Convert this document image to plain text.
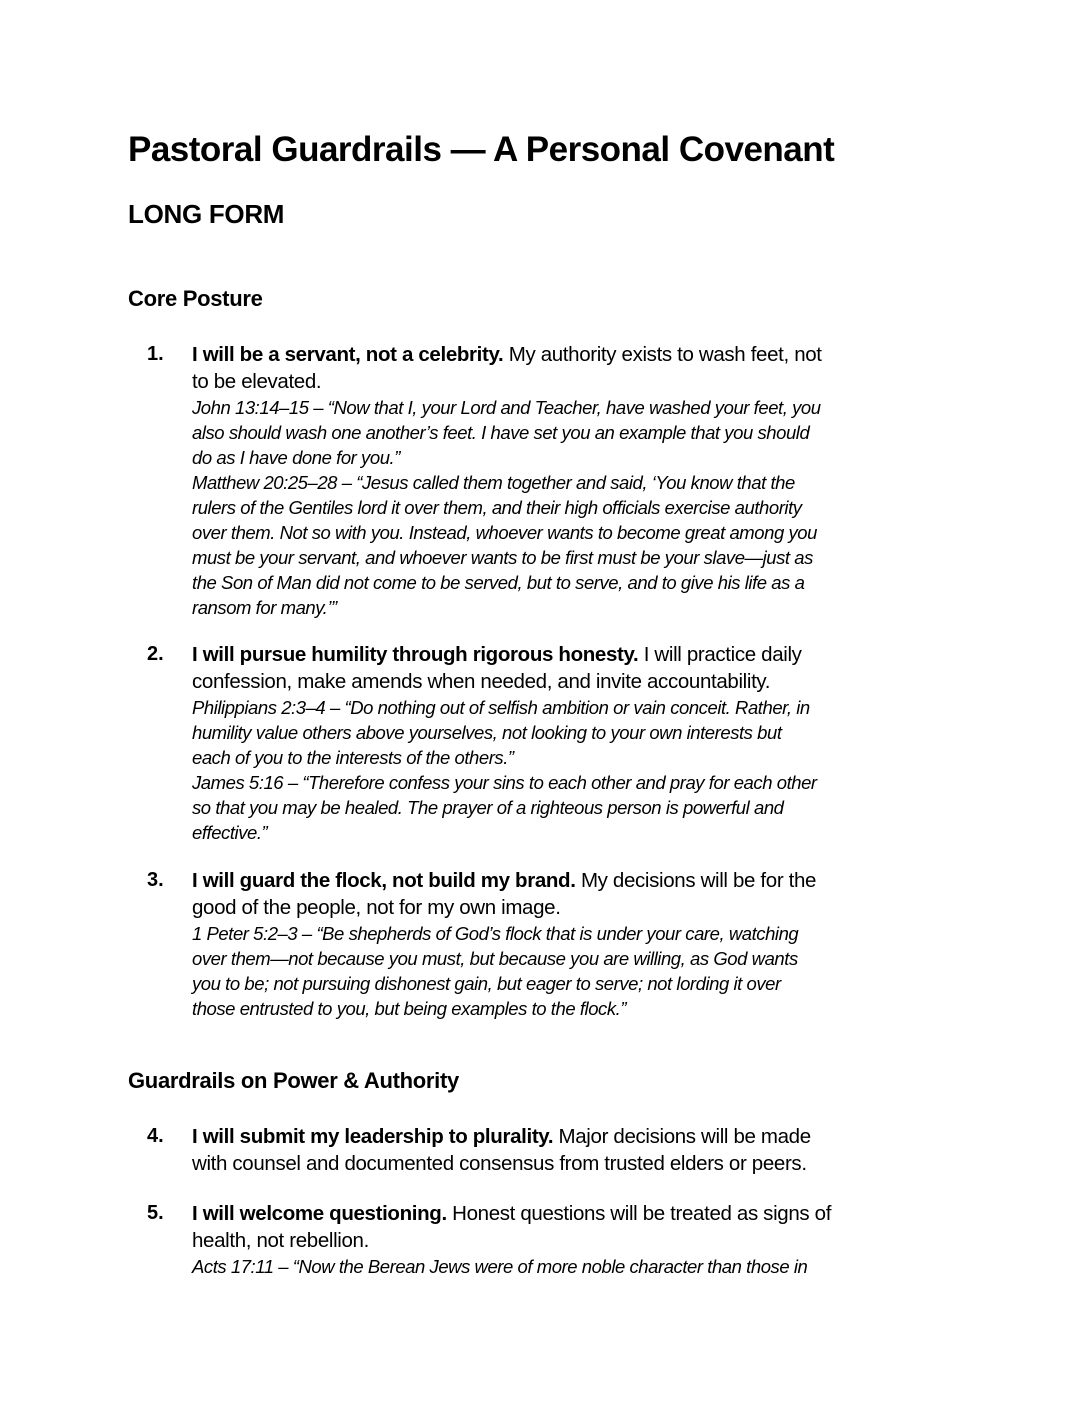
Pastoral Guardrails — A Personal Covenant
LONG FORM
Core Posture
1. I will be a servant, not a celebrity. My authority exists to wash feet, not
to be elevated.
John 13:14–15 – “Now that I, your Lord and Teacher, have washed your feet, you
also should wash one another’s feet. I have set you an example that you should
do as I have done for you.”
Matthew 20:25–28 – “Jesus called them together and said, ‘You know that the
rulers of the Gentiles lord it over them, and their high officials exercise authority
over them. Not so with you. Instead, whoever wants to become great among you
must be your servant, and whoever wants to be first must be your slave—just as
the Son of Man did not come to be served, but to serve, and to give his life as a
ransom for many.’”
2. I will pursue humility through rigorous honesty. I will practice daily
confession, make amends when needed, and invite accountability.
Philippians 2:3–4 – “Do nothing out of selfish ambition or vain conceit. Rather, in
humility value others above yourselves, not looking to your own interests but
each of you to the interests of the others.”
James 5:16 – “Therefore confess your sins to each other and pray for each other
so that you may be healed. The prayer of a righteous person is powerful and
effective.”
3. I will guard the flock, not build my brand. My decisions will be for the
good of the people, not for my own image.
1 Peter 5:2–3 – “Be shepherds of God’s flock that is under your care, watching
over them—not because you must, but because you are willing, as God wants
you to be; not pursuing dishonest gain, but eager to serve; not lording it over
those entrusted to you, but being examples to the flock.”
Guardrails on Power & Authority
4. I will submit my leadership to plurality. Major decisions will be made
with counsel and documented consensus from trusted elders or peers.
5. I will welcome questioning. Honest questions will be treated as signs of
health, not rebellion.
Acts 17:11 – “Now the Berean Jews were of more noble character than those in
